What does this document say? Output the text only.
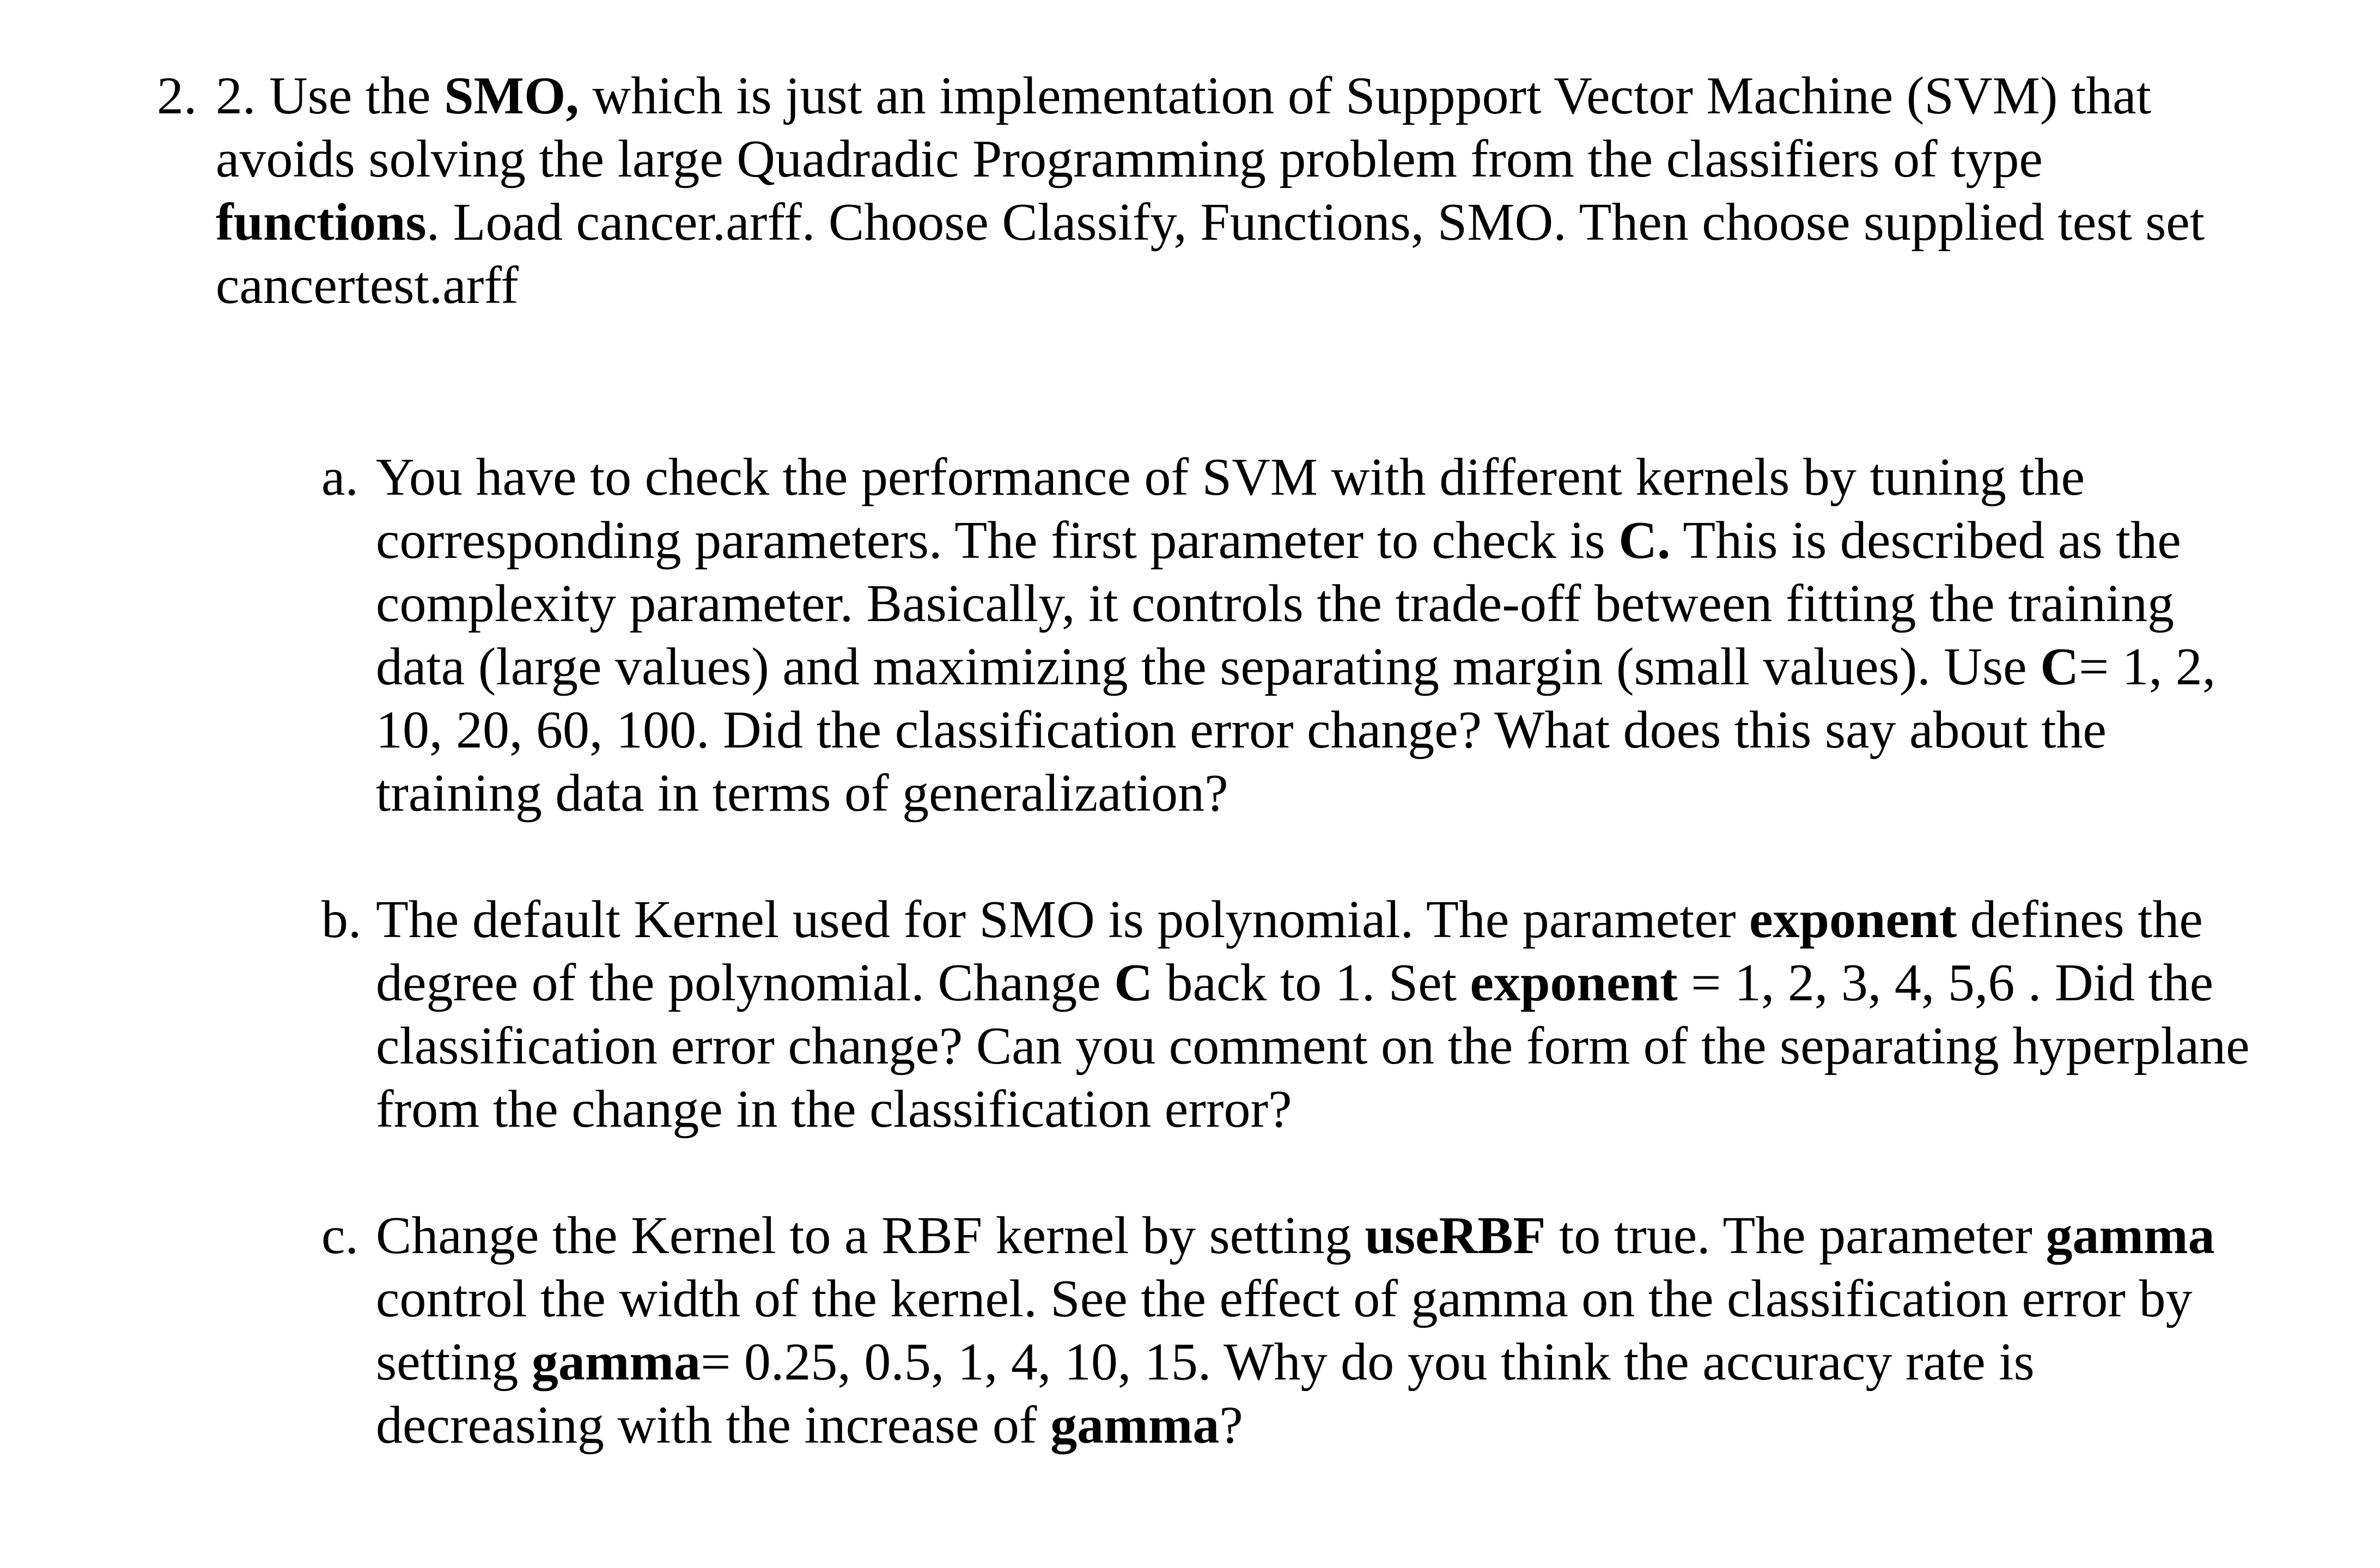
2. 2. Use the SMO, which is just an implementation of Suppport Vector Machine (SVM) that avoids solving the large Quadradic Programming problem from the classifiers of type functions. Load cancer.arff. Choose Classify, Functions, SMO. Then choose supplied test set cancertest.arff
a. You have to check the performance of SVM with different kernels by tuning the corresponding parameters. The first parameter to check is C. This is described as the complexity parameter. Basically, it controls the trade-off between fitting the training data (large values) and maximizing the separating margin (small values). Use C= 1, 2, 10, 20, 60, 100. Did the classification error change? What does this say about the training data in terms of generalization?
b. The default Kernel used for SMO is polynomial. The parameter exponent defines the degree of the polynomial. Change C back to 1. Set exponent = 1, 2, 3, 4, 5,6 . Did the classification error change? Can you comment on the form of the separating hyperplane from the change in the classification error?
c. Change the Kernel to a RBF kernel by setting useRBF to true. The parameter gamma control the width of the kernel. See the effect of gamma on the classification error by setting gamma= 0.25, 0.5, 1, 4, 10, 15. Why do you think the accuracy rate is decreasing with the increase of gamma?
